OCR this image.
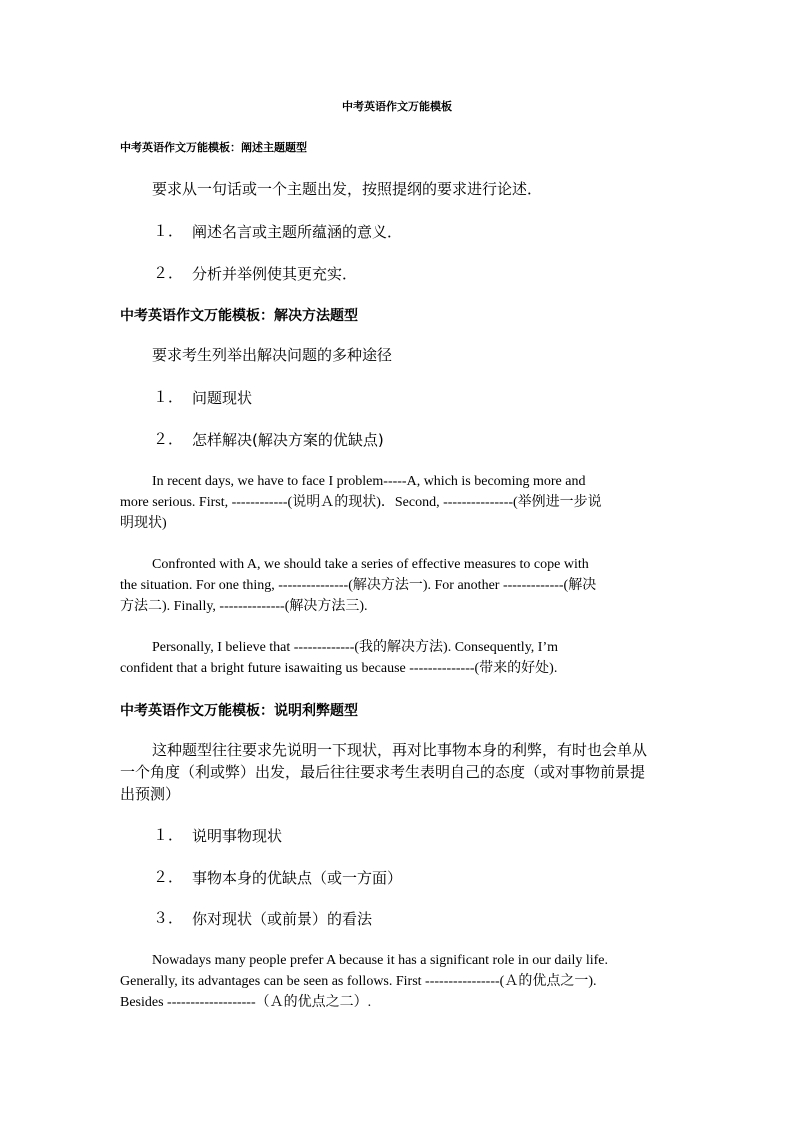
中考英语作文万能模板
中考英语作文万能模板：阐述主题题型
要求从一句话或一个主题出发，按照提纲的要求进行论述．
１． 阐述名言或主题所蕴涵的意义．
２． 分析并举例使其更充实．
中考英语作文万能模板：解决方法题型
要求考生列举出解决问题的多种途径
１． 问题现状
２． 怎样解决(解决方案的优缺点)
In recent days, we have to face I problem-----A, which is becoming more and
more serious. First, ------------(说明Ａ的现状)．Second, ---------------(举例进一步说
明现状)
Confronted with A, we should take a series of effective measures to cope with
the situation. For one thing, ---------------(解决方法一). For another -------------(解决
方法二). Finally, --------------(解决方法三).
Personally, I believe that -------------(我的解决方法). Consequently, I’m
confident that a bright future isawaiting us because --------------(带来的好处).
中考英语作文万能模板：说明利弊题型
这种题型往往要求先说明一下现状，再对比事物本身的利弊，有时也会单从
一个角度（利或弊）出发，最后往往要求考生表明自己的态度（或对事物前景提
出预测）
１． 说明事物现状
２． 事物本身的优缺点（或一方面）
３． 你对现状（或前景）的看法
Nowadays many people prefer A because it has a significant role in our daily life.
Generally, its advantages can be seen as follows. First ----------------(Ａ的优点之一).
Besides -------------------（Ａ的优点之二）.
